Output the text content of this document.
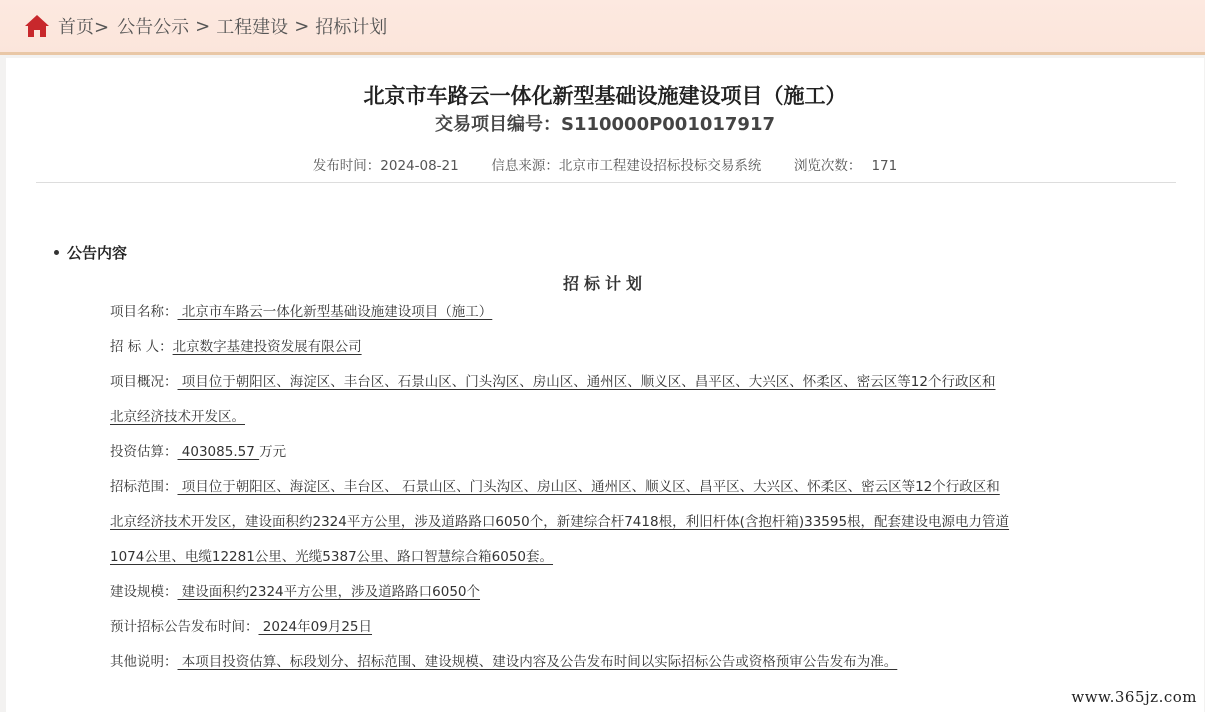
首页> 公告公示 > 工程建设 > 招标计划
北京市车路云一体化新型基础设施建设项目（施工）
交易项目编号：S110000P001017917
发布时间：2024-08-21 信息来源：北京市工程建设招标投标交易系统 浏览次数： 171
公告内容
招标计划
项目名称： 北京市车路云一体化新型基础设施建设项目（施工）
招 标 人：北京数字基建投资发展有限公司
项目概况： 项目位于朝阳区、海淀区、丰台区、石景山区、门头沟区、房山区、通州区、顺义区、昌平区、大兴区、怀柔区、密云区等12个行政区和
北京经济技术开发区。
投资估算： 403085.57 万元
招标范围： 项目位于朝阳区、海淀区、丰台区、 石景山区、门头沟区、房山区、通州区、顺义区、昌平区、大兴区、怀柔区、密云区等12个行政区和
北京经济技术开发区，建设面积约2324平方公里，涉及道路路口6050个，新建综合杆7418根，利旧杆体(含抱杆箱)33595根，配套建设电源电力管道
1074公里、电缆12281公里、光缆5387公里、路口智慧综合箱6050套。
建设规模： 建设面积约2324平方公里，涉及道路路口6050个
预计招标公告发布时间： 2024年09月25日
其他说明： 本项目投资估算、标段划分、招标范围、建设规模、建设内容及公告发布时间以实际招标公告或资格预审公告发布为准。
www.365jz.com
